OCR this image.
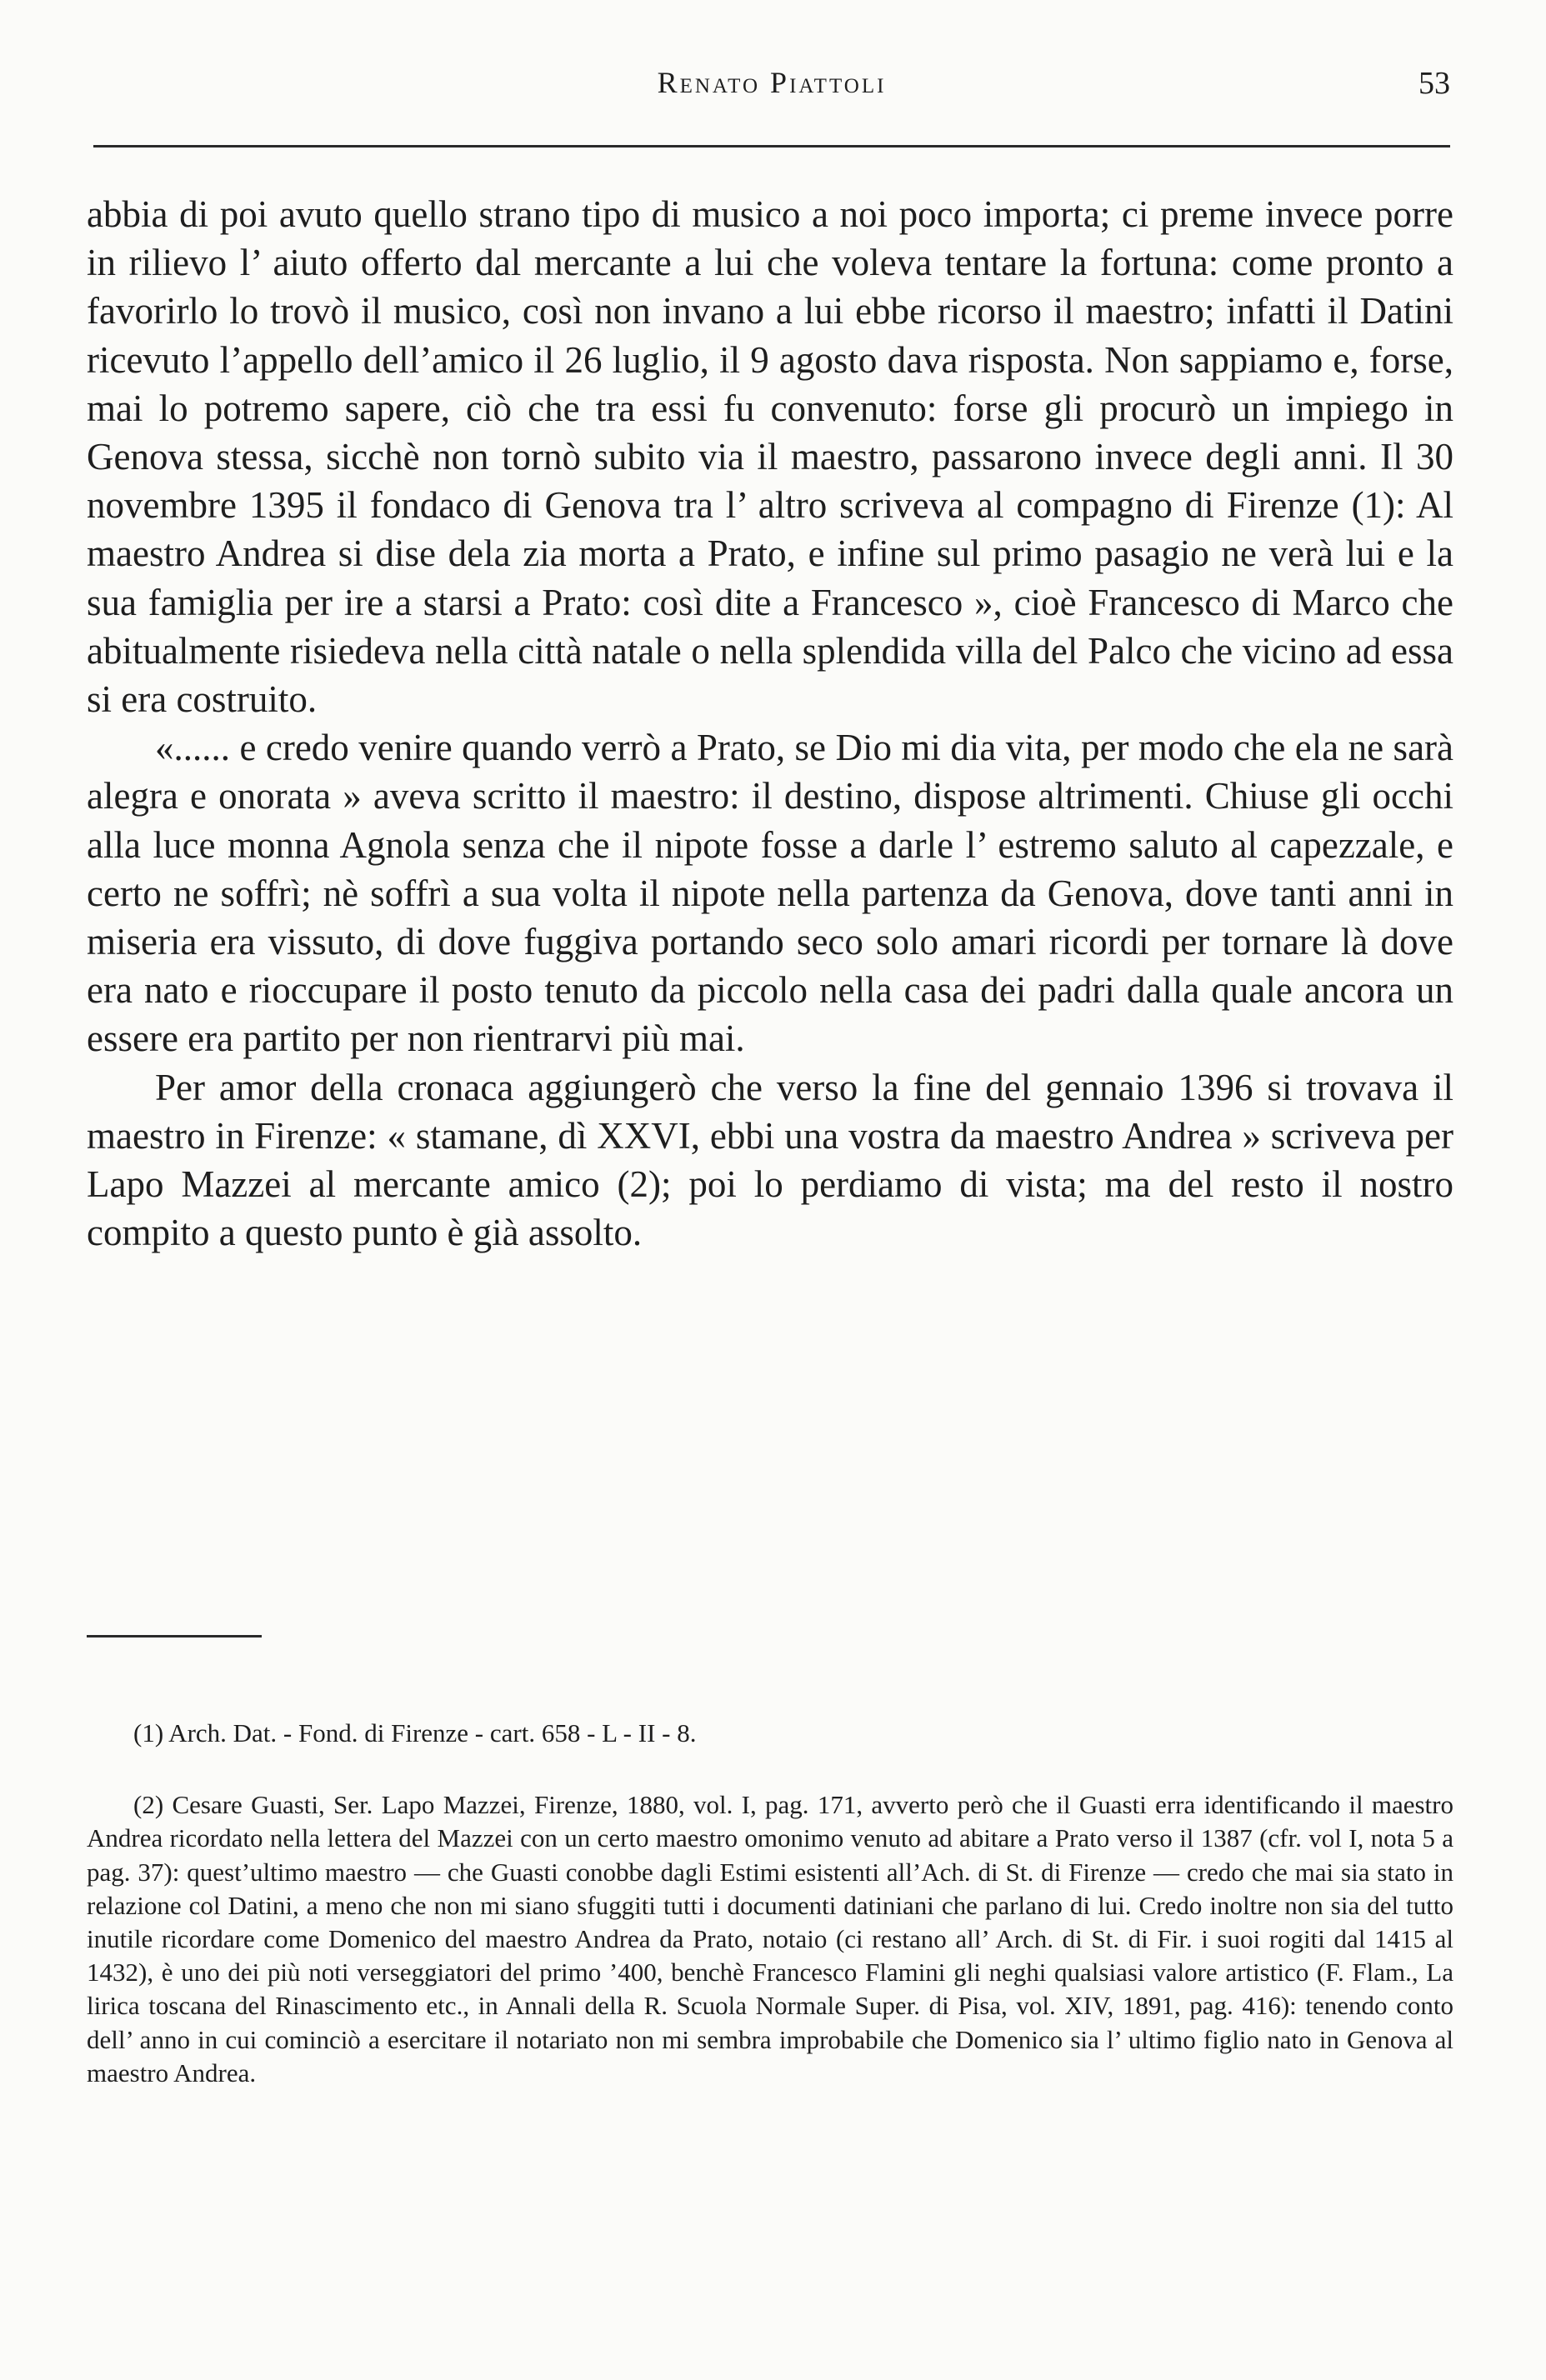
Renato Piattoli	53

abbia di poi avuto quello strano tipo di musico a noi poco importa; ci preme invece porre in rilievo l’ aiuto offerto dal mercante a lui che voleva tentare la fortuna: come pronto a favorirlo lo trovò il musico, così non invano a lui ebbe ricorso il maestro; infatti il Datini ricevuto l’appello dell’amico il 26 luglio, il 9 agosto dava risposta. Non sappiamo e, forse, mai lo potremo sapere, ciò che tra essi fu convenuto: forse gli procurò un impiego in Genova stessa, sicchè non tornò subito via il maestro, passarono invece degli anni. Il 30 novembre 1395 il fondaco di Genova tra l’ altro scriveva al compagno di Firenze (1): Al maestro Andrea si dise dela zia morta a Prato, e infine sul primo pasagio ne verà lui e la sua famiglia per ire a starsi a Prato: così dite a Francesco », cioè Francesco di Marco che abitualmente risiedeva nella città natale o nella splendida villa del Palco che vicino ad essa si era costruito.

«...... e credo venire quando verrò a Prato, se Dio mi dia vita, per modo che ela ne sarà alegra e onorata » aveva scritto il maestro: il destino, dispose altrimenti. Chiuse gli occhi alla luce monna Agnola senza che il nipote fosse a darle l’ estremo saluto al capezzale, e certo ne soffrì; nè soffrì a sua volta il nipote nella partenza da Genova, dove tanti anni in miseria era vissuto, di dove fuggiva portando seco solo amari ricordi per tornare là dove era nato e rioccupare il posto tenuto da piccolo nella casa dei padri dalla quale ancora un essere era partito per non rientrarvi più mai.

Per amor della cronaca aggiungerò che verso la fine del gennaio 1396 si trovava il maestro in Firenze: « stamane, dì XXVI, ebbi una vostra da maestro Andrea » scriveva per Lapo Mazzei al mercante amico (2); poi lo perdiamo di vista; ma del resto il nostro compito a questo punto è già assolto.

(1) Arch. Dat. - Fond. di Firenze - cart. 658 - L - II - 8.

(2) Cesare Guasti, Ser. Lapo Mazzei, Firenze, 1880, vol. I, pag. 171, avverto però che il Guasti erra identificando il maestro Andrea ricordato nella lettera del Mazzei con un certo maestro omonimo venuto ad abitare a Prato verso il 1387 (cfr. vol I, nota 5 a pag. 37): quest’ultimo maestro — che Guasti conobbe dagli Estimi esistenti all’Ach. di St. di Firenze — credo che mai sia stato in relazione col Datini, a meno che non mi siano sfuggiti tutti i documenti datiniani che parlano di lui. Credo inoltre non sia del tutto inutile ricordare come Domenico del maestro Andrea da Prato, notaio (ci restano all’ Arch. di St. di Fir. i suoi rogiti dal 1415 al 1432), è uno dei più noti verseggiatori del primo ’400, benchè Francesco Flamini gli neghi qualsiasi valore artistico (F. Flam., La lirica toscana del Rinascimento etc., in Annali della R. Scuola Normale Super. di Pisa, vol. XIV, 1891, pag. 416): tenendo conto dell’ anno in cui cominciò a esercitare il notariato non mi sembra improbabile che Domenico sia l’ ultimo figlio nato in Genova al maestro Andrea.
